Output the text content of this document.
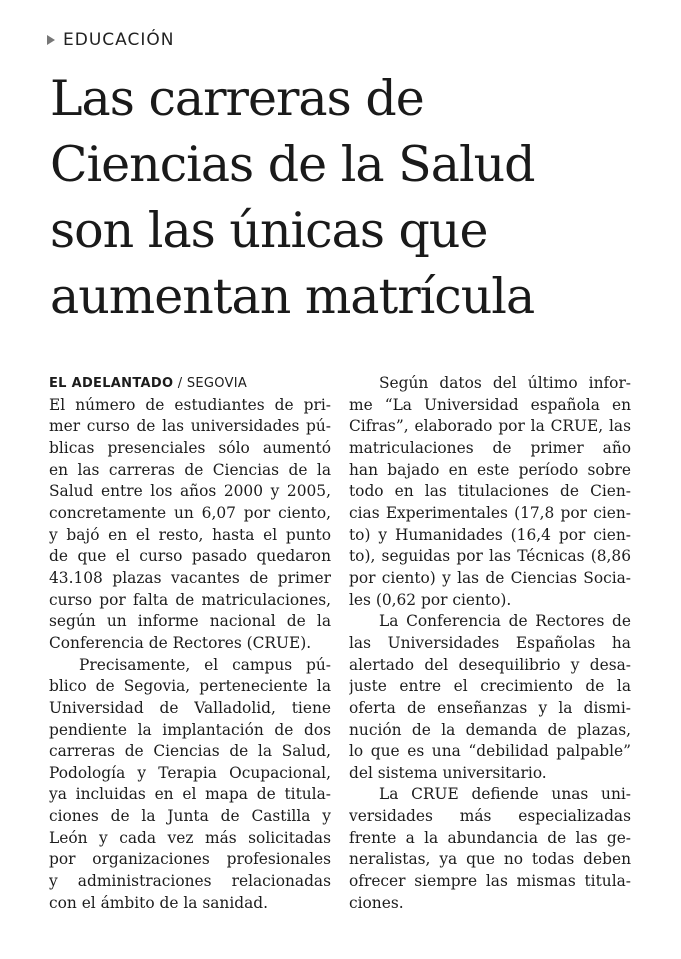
EDUCACIÓN
Las carreras de
Ciencias de la Salud
son las únicas que
aumentan matrícula
EL ADELANTADO / SEGOVIA
El número de estudiantes de pri-
mer curso de las universidades pú-
blicas presenciales sólo aumentó
en las carreras de Ciencias de la
Salud entre los años 2000 y 2005,
concretamente un 6,07 por ciento,
y bajó en el resto, hasta el punto
de que el curso pasado quedaron
43.108 plazas vacantes de primer
curso por falta de matriculaciones,
según un informe nacional de la
Conferencia de Rectores (CRUE).
Precisamente, el campus pú-
blico de Segovia, perteneciente la
Universidad de Valladolid, tiene
pendiente la implantación de dos
carreras de Ciencias de la Salud,
Podología y Terapia Ocupacional,
ya incluidas en el mapa de titula-
ciones de la Junta de Castilla y
León y cada vez más solicitadas
por organizaciones profesionales
y administraciones relacionadas
con el ámbito de la sanidad.
Según datos del último infor-
me “La Universidad española en
Cifras”, elaborado por la CRUE, las
matriculaciones de primer año
han bajado en este período sobre
todo en las titulaciones de Cien-
cias Experimentales (17,8 por cien-
to) y Humanidades (16,4 por cien-
to), seguidas por las Técnicas (8,86
por ciento) y las de Ciencias Socia-
les (0,62 por ciento).
La Conferencia de Rectores de
las Universidades Españolas ha
alertado del desequilibrio y desa-
juste entre el crecimiento de la
oferta de enseñanzas y la dismi-
nución de la demanda de plazas,
lo que es una “debilidad palpable”
del sistema universitario.
La CRUE defiende unas uni-
versidades más especializadas
frente a la abundancia de las ge-
neralistas, ya que no todas deben
ofrecer siempre las mismas titula-
ciones.
